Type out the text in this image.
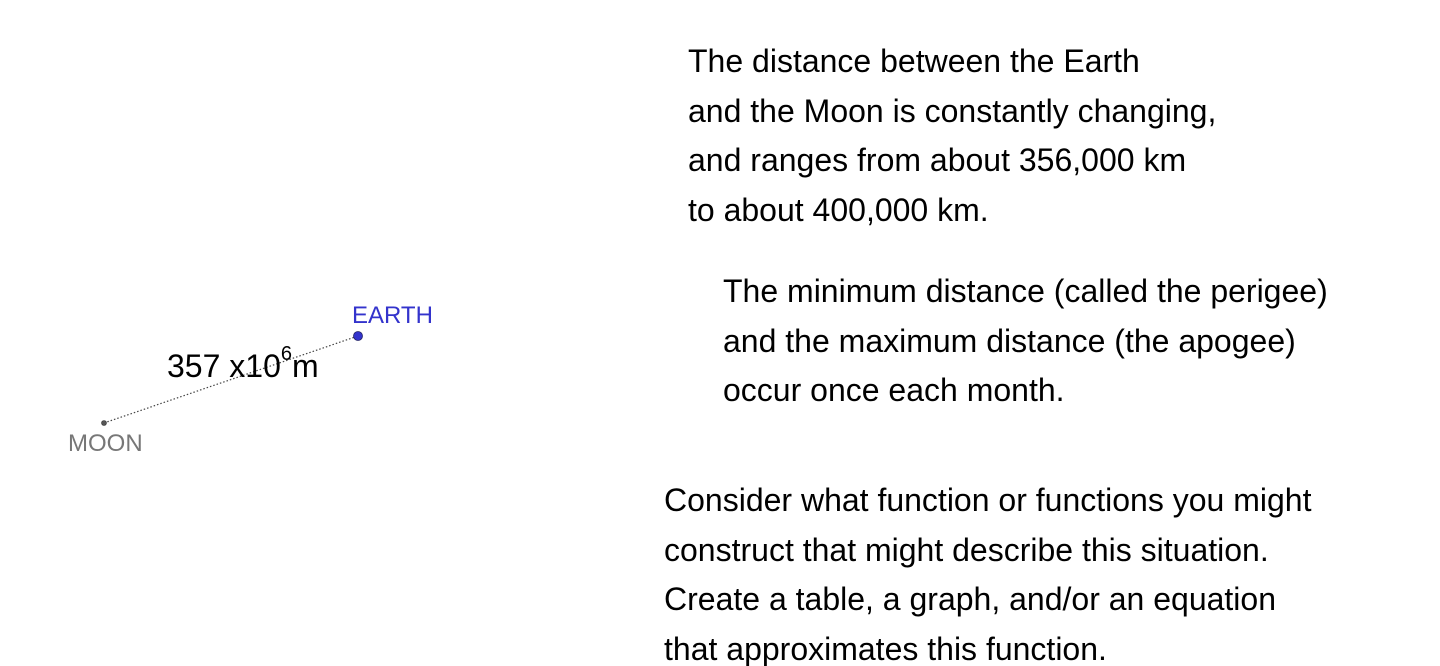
EARTH
MOON
357 $x10^6m$
The distance between the Earth
and the Moon is constantly changing,
and ranges from about 356,000 km
to about 400,000 km.
The minimum distance (called the perigee)
and the maximum distance (the apogee)
occur once each month.
Consider what function or functions you might
construct that might describe this situation.
Create a table, a graph, and/or an equation
that approximates this function.
